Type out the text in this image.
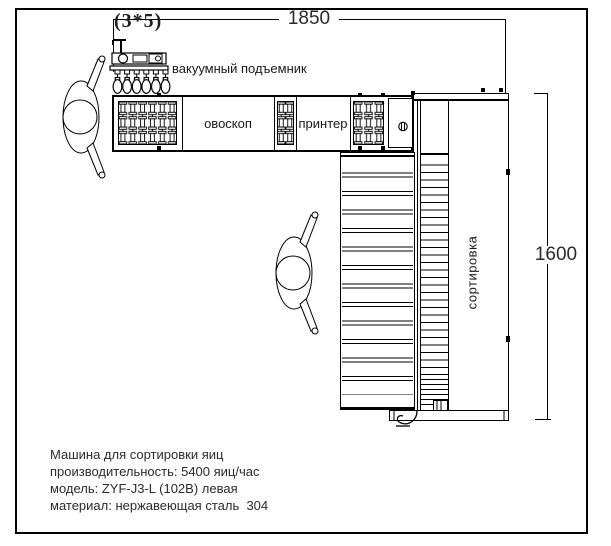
1850
(3*5)
вакуумный подъемник
овоскоп	принтер
сортировка	1600
Машина для сортировки яиц
производительность: 5400 яиц/час
модель: ZYF-J3-L (102B) левая
материал: нержавеющая сталь  304
